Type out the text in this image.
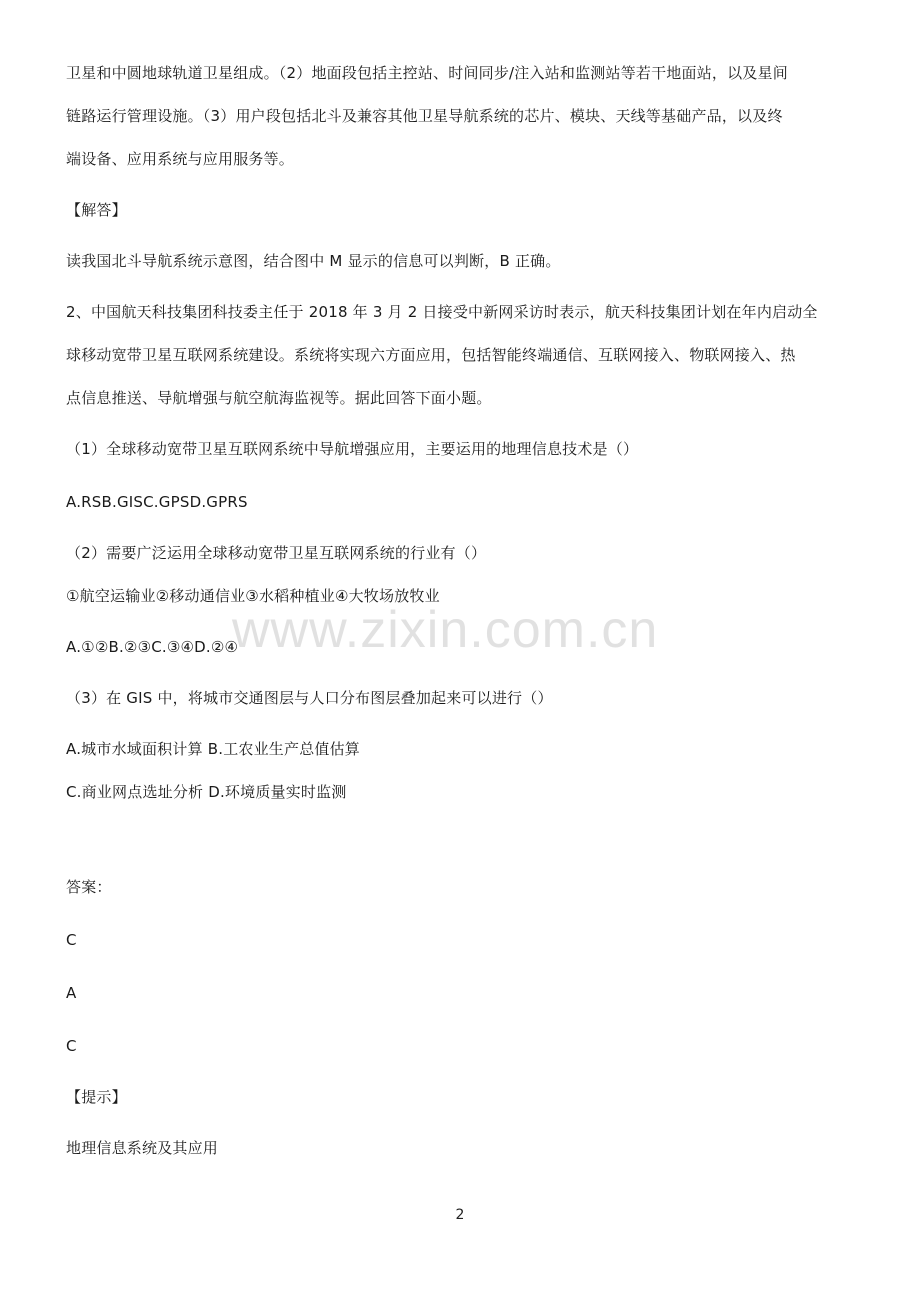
卫星和中圆地球轨道卫星组成。（2）地面段包括主控站、时间同步/注入站和监测站等若干地面站，以及星间

链路运行管理设施。（3）用户段包括北斗及兼容其他卫星导航系统的芯片、模块、天线等基础产品，以及终

端设备、应用系统与应用服务等。

【解答】

读我国北斗导航系统示意图，结合图中 M 显示的信息可以判断，B 正确。

2、中国航天科技集团科技委主任于 2018 年 3 月 2 日接受中新网采访时表示，航天科技集团计划在年内启动全

球移动宽带卫星互联网系统建设。系统将实现六方面应用，包括智能终端通信、互联网接入、物联网接入、热

点信息推送、导航增强与航空航海监视等。据此回答下面小题。

（1）全球移动宽带卫星互联网系统中导航增强应用，主要运用的地理信息技术是（）

A.RSB.GISC.GPSD.GPRS

（2）需要广泛运用全球移动宽带卫星互联网系统的行业有（）

①航空运输业②移动通信业③水稻种植业④大牧场放牧业

A.①②B.②③C.③④D.②④

（3）在 GIS 中，将城市交通图层与人口分布图层叠加起来可以进行（）

A.城市水域面积计算 B.工农业生产总值估算

C.商业网点选址分析 D.环境质量实时监测

答案：

C

A

C

【提示】

地理信息系统及其应用

www.zixin.com.cn
2
